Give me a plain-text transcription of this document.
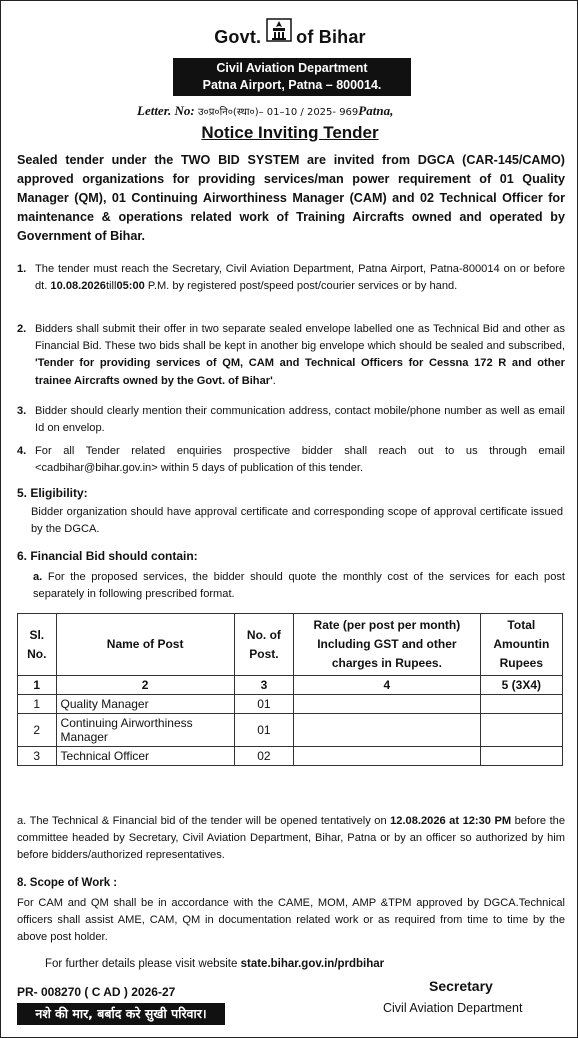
Govt. of Bihar
Civil Aviation Department
Patna Airport, Patna – 800014.
Letter. No: उ०प्र०नि०(स्था०)– 01–10 / 2025- 969Patna,
Notice Inviting Tender
Sealed tender under the TWO BID SYSTEM are invited from DGCA (CAR-145/CAMO) approved organizations for providing services/man power requirement of 01 Quality Manager (QM), 01 Continuing Airworthiness Manager (CAM) and 02 Technical Officer for maintenance & operations related work of Training Aircrafts owned and operated by Government of Bihar.
1. The tender must reach the Secretary, Civil Aviation Department, Patna Airport, Patna-800014 on or before dt. 10.08.2026till05:00 P.M. by registered post/speed post/courier services or by hand.
2. Bidders shall submit their offer in two separate sealed envelope labelled one as Technical Bid and other as Financial Bid. These two bids shall be kept in another big envelope which should be sealed and subscribed, 'Tender for providing services of QM, CAM and Technical Officers for Cessna 172 R and other trainee Aircrafts owned by the Govt. of Bihar'.
3. Bidder should clearly mention their communication address, contact mobile/phone number as well as email Id on envelop.
4. For all Tender related enquiries prospective bidder shall reach out to us through email <cadbihar@bihar.gov.in> within 5 days of publication of this tender.
5. Eligibility:
Bidder organization should have approval certificate and corresponding scope of approval certificate issued by the DGCA.
6. Financial Bid should contain:
a. For the proposed services, the bidder should quote the monthly cost of the services for each post separately in following prescribed format.
Sl. No.	Name of Post	No. of Post.	Rate (per post per month) Including GST and other charges in Rupees.	Total Amountin Rupees
1	2	3	4	5 (3X4)
1	Quality Manager	01		
2	Continuing Airworthiness Manager	01		
3	Technical Officer	02		
a. The Technical & Financial bid of the tender will be opened tentatively on 12.08.2026 at 12:30 PM before the committee headed by Secretary, Civil Aviation Department, Bihar, Patna or by an officer so authorized by him before bidders/authorized representatives.
8. Scope of Work :
For CAM and QM shall be in accordance with the CAME, MOM, AMP &TPM approved by DGCA.Technical officers shall assist AME, CAM, QM in documentation related work or as required from time to time by the above post holder.
For further details please visit website state.bihar.gov.in/prdbihar
PR- 008270 ( C AD ) 2026-27
नशे की मार, बर्बाद करे सुखी परिवार।
Secretary
Civil Aviation Department
